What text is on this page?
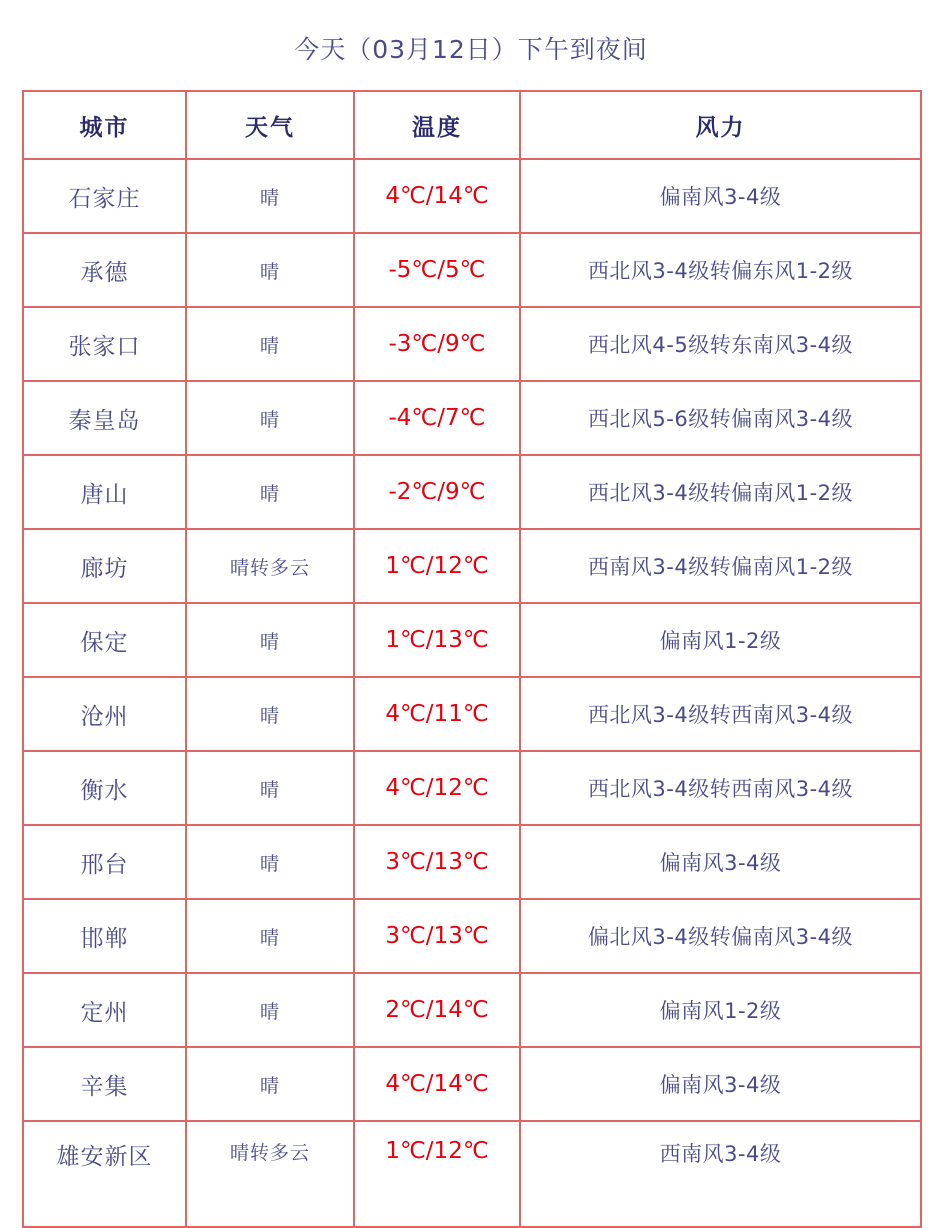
今天（03月12日）下午到夜间
城市	天气	温度	风力
石家庄	晴	4℃/14℃	偏南风3-4级
承德	晴	-5℃/5℃	西北风3-4级转偏东风1-2级
张家口	晴	-3℃/9℃	西北风4-5级转东南风3-4级
秦皇岛	晴	-4℃/7℃	西北风5-6级转偏南风3-4级
唐山	晴	-2℃/9℃	西北风3-4级转偏南风1-2级
廊坊	晴转多云	1℃/12℃	西南风3-4级转偏南风1-2级
保定	晴	1℃/13℃	偏南风1-2级
沧州	晴	4℃/11℃	西北风3-4级转西南风3-4级
衡水	晴	4℃/12℃	西北风3-4级转西南风3-4级
邢台	晴	3℃/13℃	偏南风3-4级
邯郸	晴	3℃/13℃	偏北风3-4级转偏南风3-4级
定州	晴	2℃/14℃	偏南风1-2级
辛集	晴	4℃/14℃	偏南风3-4级
雄安新区	晴转多云	1℃/12℃	西南风3-4级
